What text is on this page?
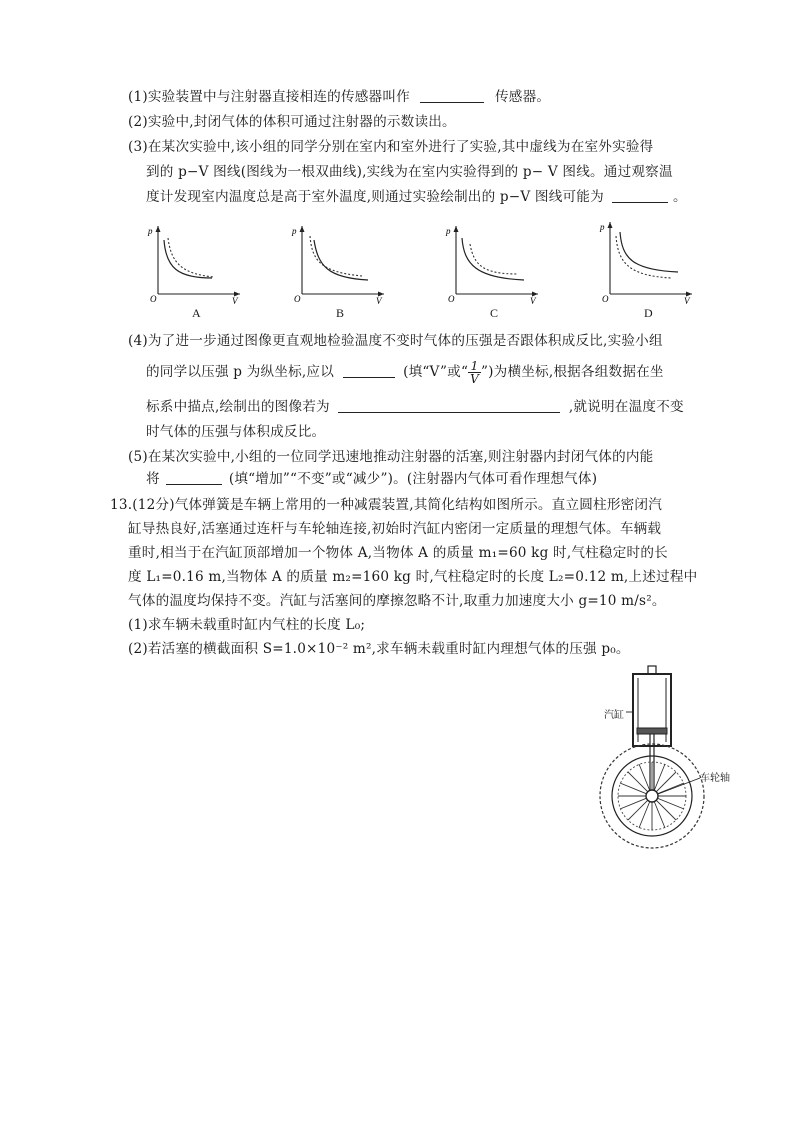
(1)实验装置中与注射器直接相连的传感器叫作	传感器。
(2)实验中,封闭气体的体积可通过注射器的示数读出。
(3)在某次实验中,该小组的同学分别在室内和室外进行了实验,其中虚线为在室外实验得
到的 p−V 图线(图线为一根双曲线),实线为在室内实验得到的 p− V 图线。通过观察温
度计发现室内温度总是高于室外温度,则通过实验绘制出的 p−V 图线可能为	。
p
V
O
A
p
V
O
B
p
V
O
C
p
V
O
D
(4)为了进一步通过图像更直观地检验温度不变时气体的压强是否跟体积成反比,实验小组
的同学以压强 p 为纵坐标,应以	(填“V”或“ $\frac{1}{V}$ ”)为横坐标,根据各组数据在坐
标系中描点,绘制出的图像若为	,就说明在温度不变
时气体的压强与体积成反比。
(5)在某次实验中,小组的一位同学迅速地推动注射器的活塞,则注射器内封闭气体的内能
将	(填“增加”“不变”或“减少”)。(注射器内气体可看作理想气体)
13.(12分)气体弹簧是车辆上常用的一种减震装置,其简化结构如图所示。直立圆柱形密闭汽
缸导热良好,活塞通过连杆与车轮轴连接,初始时汽缸内密闭一定质量的理想气体。车辆载
重时,相当于在汽缸顶部增加一个物体 A,当物体 A 的质量 m₁=60 kg 时,气柱稳定时的长
度 L₁=0.16 m,当物体 A 的质量 m₂=160 kg 时,气柱稳定时的长度 L₂=0.12 m,上述过程中
气体的温度均保持不变。汽缸与活塞间的摩擦忽略不计,取重力加速度大小 g=10 m/s²。
(1)求车辆未载重时缸内气柱的长度 L₀;
(2)若活塞的横截面积 S=1.0×10⁻² m²,求车辆未载重时缸内理想气体的压强 p₀。
汽缸
车轮轴
